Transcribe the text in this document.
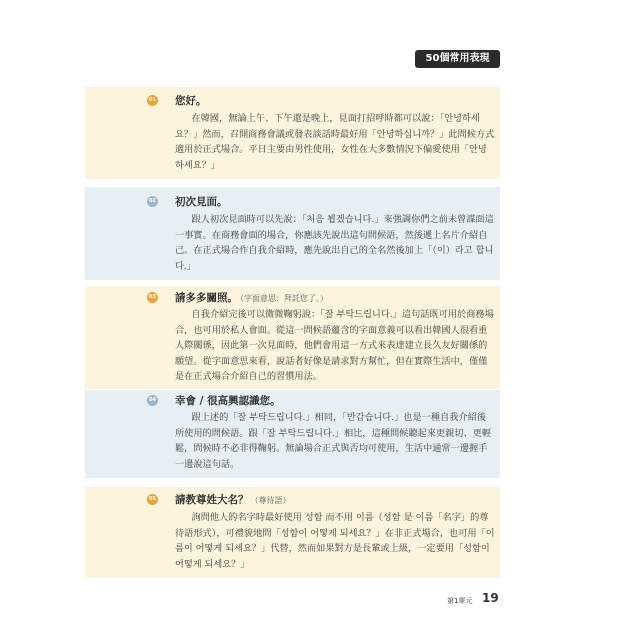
50個常用表現
01 您好。

在韓國，無論上午、下午還是晚上，見面打招呼時都可以說：「안녕하세요？」然而，召開商務會議或發表談話時最好用「안녕하십니까？」此問候方式適用於正式場合。平日主要由男性使用，女性在大多數情況下偏愛使用「안녕하세요？」

02 初次見面。

跟人初次見面時可以先說：「처음 뵙겠습니다.」來強調你們之前未曾謀面這一事實。在商務會面的場合，你應該先說出這句問候語，然後遞上名片介紹自己。在正式場合作自我介紹時，應先說出自己的全名然後加上「（이）라고 합니다.」

03 請多多關照。 （字面意思：拜託您了。）

自我介紹完後可以微微鞠躬說：「잘 부탁드립니다.」這句話既可用於商務場合，也可用於私人會面。從這一問候語蘊含的字面意義可以看出韓國人很看重人際關係，因此第一次見面時，他們會用這一方式來表達建立長久友好關係的願望。從字面意思來看，說話者好像是請求對方幫忙，但在實際生活中，僅僅是在正式場合介紹自己的習慣用法。

04 幸會 / 很高興認識您。

跟上述的「잘 부탁드립니다.」相同，「반갑습니다.」也是一種自我介紹後所使用的問候語。跟「잘 부탁드립니다.」相比，這種問候聽起來更親切、更輕鬆，問候時不必非得鞠躬。無論場合正式與否均可使用，生活中通常一邊握手一邊說這句話。

05 請教尊姓大名？ （尊待語）

詢問他人的名字時最好使用 성함 而不用 이름（성함 是 이름「名字」的尊待語形式），可禮貌地問「성함이 어떻게 되세요？」在非正式場合，也可用「이름이 어떻게 되세요？」代替，然而如果對方是長輩或上級，一定要用「성함이 어떻게 되세요？」

第1單元 19
